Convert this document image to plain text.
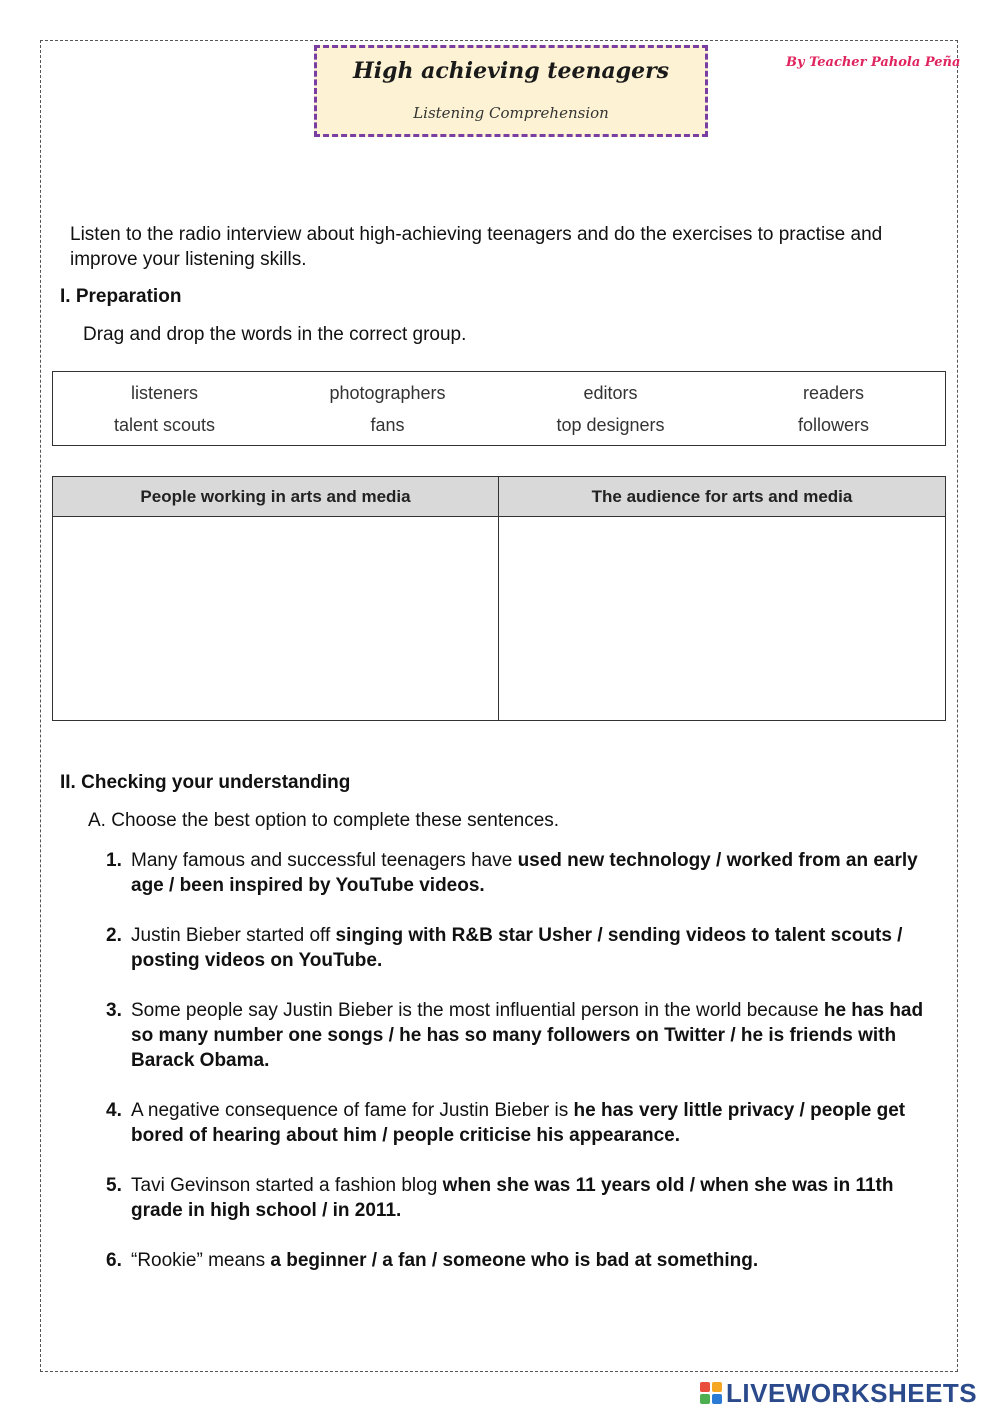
High achieving teenagers
Listening Comprehension
By Teacher Pahola Peña
Listen to the radio interview about high-achieving teenagers and do the exercises to practise and improve your listening skills.
I. Preparation
Drag and drop the words in the correct group.
listeners	photographers	editors	readers
talent scouts	fans	top designers	followers
People working in arts and media	The audience for arts and media
II. Checking your understanding
A. Choose the best option to complete these sentences.
1. Many famous and successful teenagers have used new technology / worked from an early age / been inspired by YouTube videos.
2. Justin Bieber started off singing with R&B star Usher / sending videos to talent scouts / posting videos on YouTube.
3. Some people say Justin Bieber is the most influential person in the world because he has had so many number one songs / he has so many followers on Twitter / he is friends with Barack Obama.
4. A negative consequence of fame for Justin Bieber is he has very little privacy / people get bored of hearing about him / people criticise his appearance.
5. Tavi Gevinson started a fashion blog when she was 11 years old / when she was in 11th grade in high school / in 2011.
6. “Rookie” means a beginner / a fan / someone who is bad at something.
LIVEWORKSHEETS
